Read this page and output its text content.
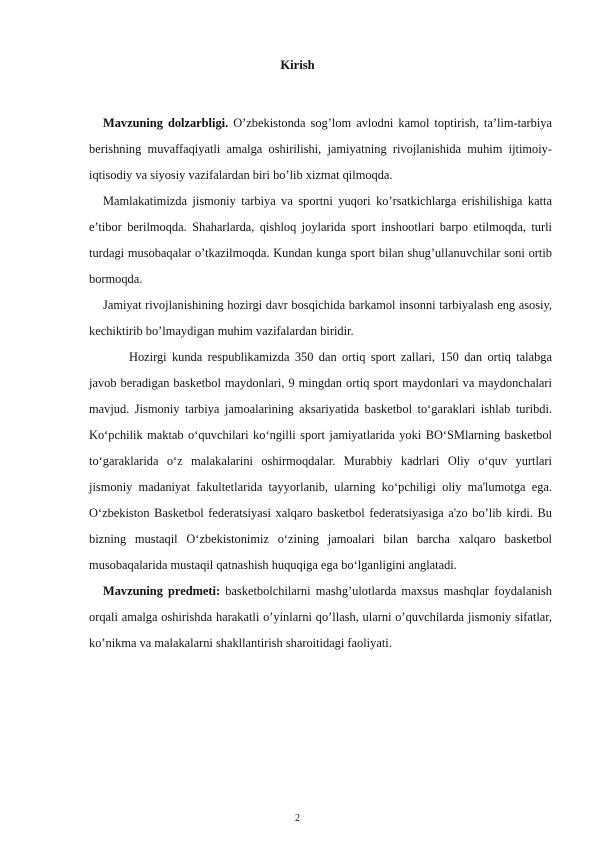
Kirish

Mavzuning dolzarbligi. O’zbekistonda sog’lom avlodni kamol toptirish, ta’lim-tarbiya berishning muvaffaqiyatli amalga oshirilishi, jamiyatning rivojlanishida muhim ijtimoiy-iqtisodiy va siyosiy vazifalardan biri bo’lib xizmat qilmoqda.

Mamlakatimizda jismoniy tarbiya va sportni yuqori ko’rsatkichlarga erishilishiga katta e’tibor berilmoqda. Shaharlarda, qishloq joylarida sport inshootlari barpo etilmoqda, turli turdagi musobaqalar o’tkazilmoqda. Kundan kunga sport bilan shug’ullanuvchilar soni ortib bormoqda.

Jamiyat rivojlanishining hozirgi davr bosqichida barkamol insonni tarbiyalash eng asosiy, kechiktirib bo’lmaydigan muhim vazifalardan biridir.

Hozirgi kunda respublikamizda 350 dan ortiq sport zallari, 150 dan ortiq talabga javob beradigan basketbol maydonlari, 9 mingdan ortiq sport maydonlari va maydonchalari mavjud. Jismoniy tarbiya jamoalarining aksariyatida basketbol to‘garaklari ishlab turibdi. Ko‘pchilik maktab o‘quvchilari ko‘ngilli sport jamiyatlarida yoki BO‘SMlarning basketbol to‘garaklarida o‘z malakalarini oshirmoqdalar. Murabbiy kadrlari Oliy o‘quv yurtlari jismoniy madaniyat fakultetlarida tayyorlanib, ularning ko‘pchiligi oliy ma'lumotga ega. O‘zbekiston Basketbol federatsiyasi xalqaro basketbol federatsiyasiga a'zo bo’lib kirdi. Bu bizning mustaqil O‘zbekistonimiz o‘zining jamoalari bilan barcha xalqaro basketbol musobaqalarida mustaqil qatnashish huquqiga ega bo‘lganligini anglatadi.

Mavzuning predmeti: basketbolchilarni mashg’ulotlarda maxsus mashqlar foydalanish orqali amalga oshirishda harakatli o’yinlarni qo’llash, ularni o’quvchilarda jismoniy sifatlar, ko’nikma va malakalarni shakllantirish sharoitidagi faoliyati.

2
